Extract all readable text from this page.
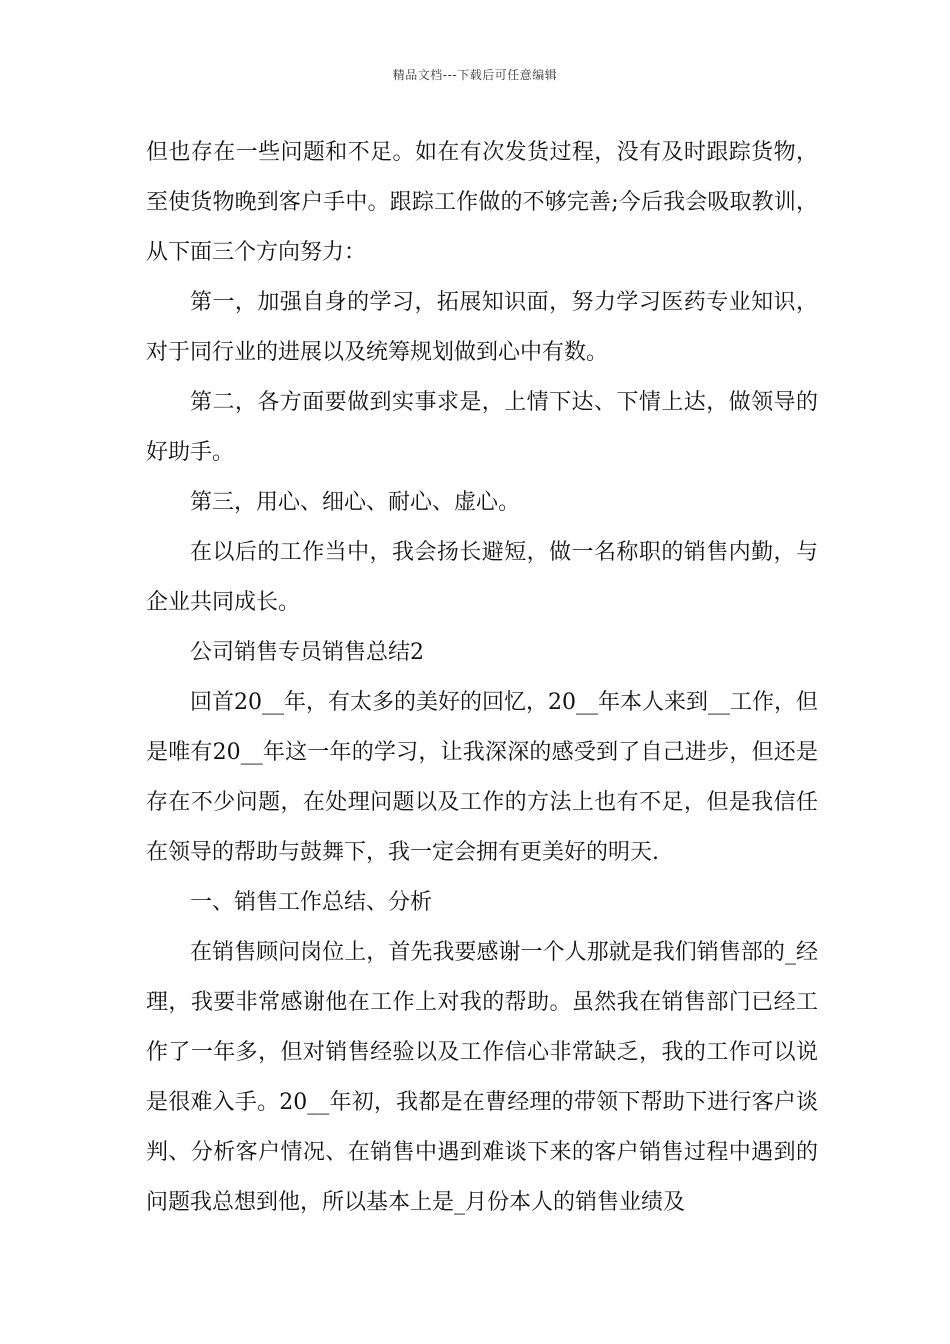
精品文档---下载后可任意编辑

但也存在一些问题和不足。如在有次发货过程，没有及时跟踪货物，至使货物晚到客户手中。跟踪工作做的不够完善;今后我会吸取教训，从下面三个方向努力：

第一，加强自身的学习，拓展知识面，努力学习医药专业知识，对于同行业的进展以及统筹规划做到心中有数。

第二，各方面要做到实事求是，上情下达、下情上达，做领导的好助手。

第三，用心、细心、耐心、虚心。

在以后的工作当中，我会扬长避短，做一名称职的销售内勤，与企业共同成长。

公司销售专员销售总结2

回首20__年，有太多的美好的回忆，20__年本人来到__工作，但是唯有20__年这一年的学习，让我深深的感受到了自己进步，但还是存在不少问题，在处理问题以及工作的方法上也有不足，但是我信任在领导的帮助与鼓舞下，我一定会拥有更美好的明天.

一、销售工作总结、分析

在销售顾问岗位上，首先我要感谢一个人那就是我们销售部的_经理，我要非常感谢他在工作上对我的帮助。虽然我在销售部门已经工作了一年多，但对销售经验以及工作信心非常缺乏，我的工作可以说是很难入手。20__年初，我都是在曹经理的带领下帮助下进行客户谈判、分析客户情况、在销售中遇到难谈下来的客户销售过程中遇到的问题我总想到他，所以基本上是_月份本人的销售业绩及
